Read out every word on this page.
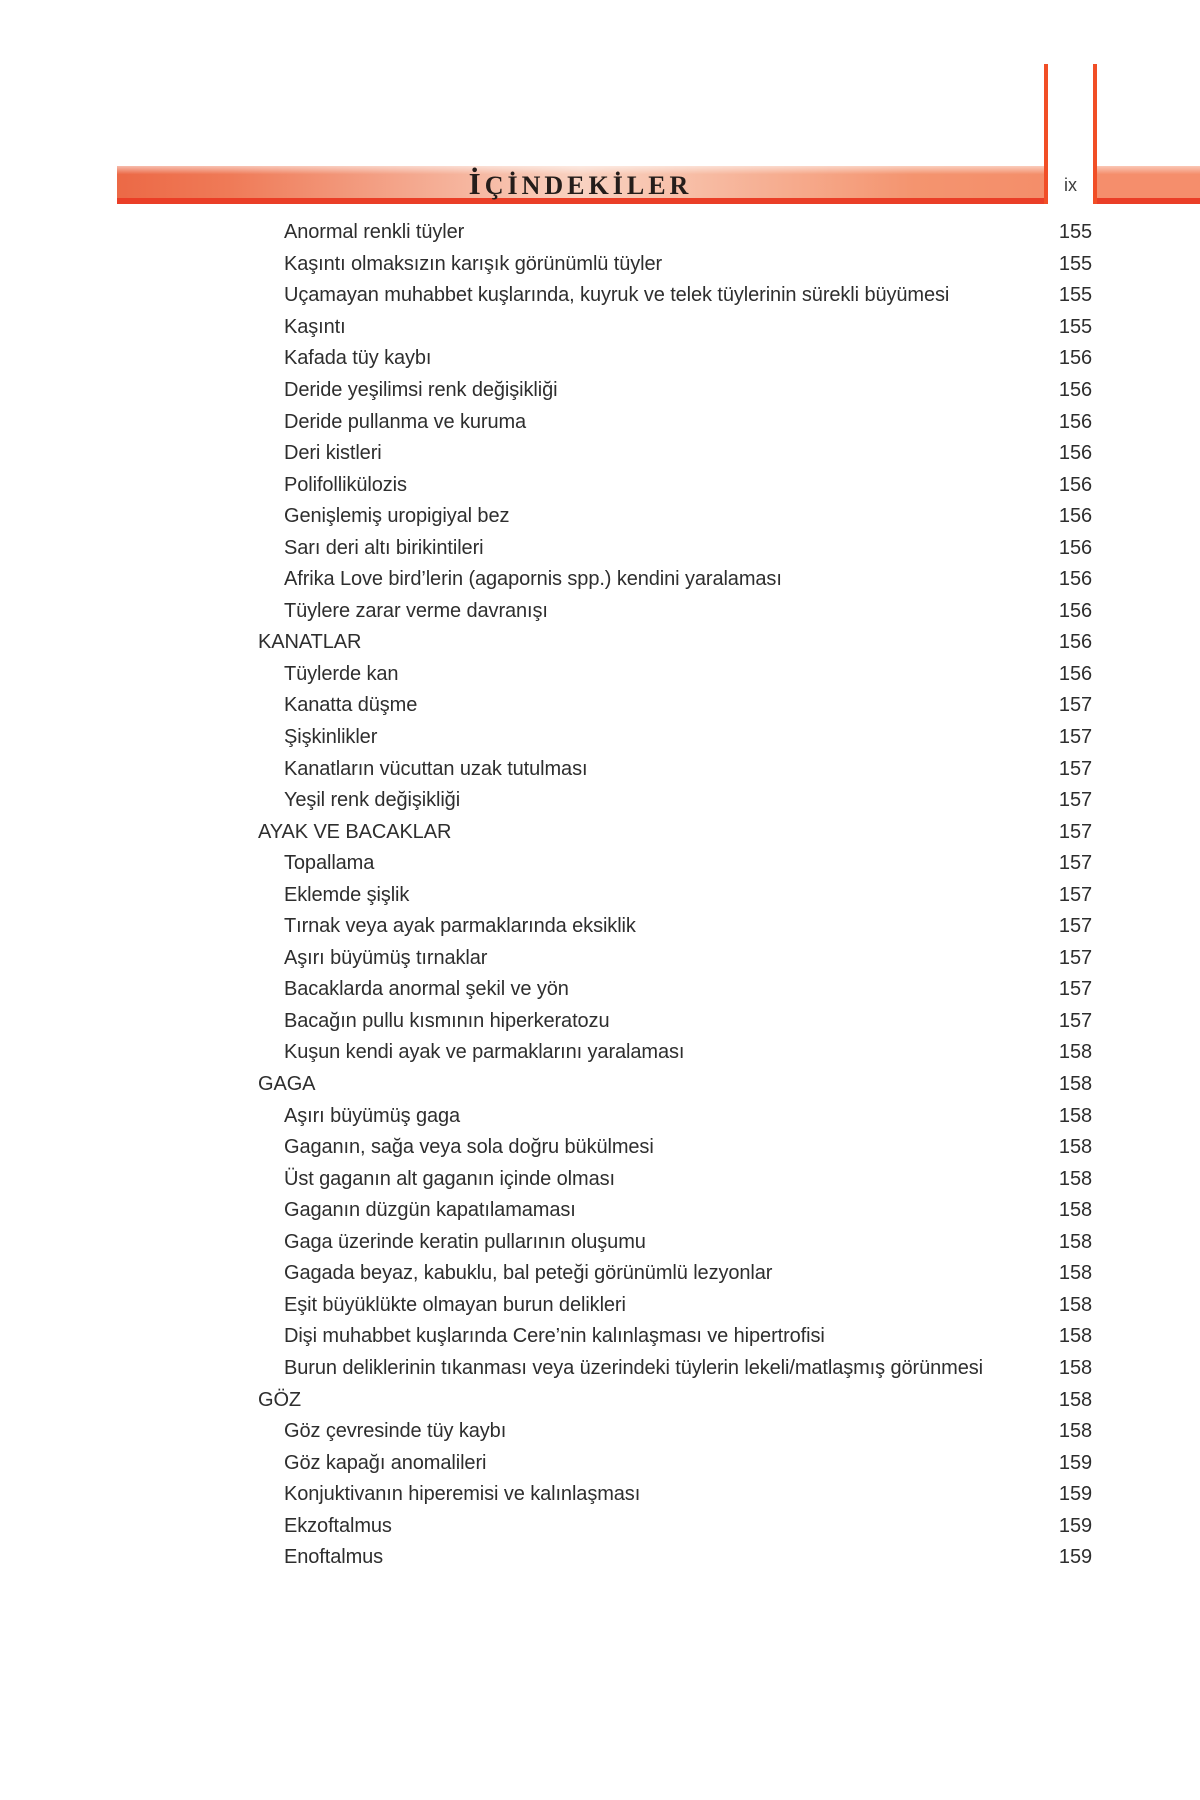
İÇİNDEKİLER	ix
Anormal renkli tüyler	155
Kaşıntı olmaksızın karışık görünümlü tüyler	155
Uçamayan muhabbet kuşlarında, kuyruk ve telek tüylerinin sürekli büyümesi	155
Kaşıntı	155
Kafada tüy kaybı	156
Deride yeşilimsi renk değişikliği	156
Deride pullanma ve kuruma	156
Deri kistleri	156
Polifollikülozis	156
Genişlemiş uropigiyal bez	156
Sarı deri altı birikintileri	156
Afrika Love bird’lerin (agapornis spp.) kendini yaralaması	156
Tüylere zarar verme davranışı	156
KANATLAR	156
Tüylerde kan	156
Kanatta düşme	157
Şişkinlikler	157
Kanatların vücuttan uzak tutulması	157
Yeşil renk değişikliği	157
AYAK VE BACAKLAR	157
Topallama	157
Eklemde şişlik	157
Tırnak veya ayak parmaklarında eksiklik	157
Aşırı büyümüş tırnaklar	157
Bacaklarda anormal şekil ve yön	157
Bacağın pullu kısmının hiperkeratozu	157
Kuşun kendi ayak ve parmaklarını yaralaması	158
GAGA	158
Aşırı büyümüş gaga	158
Gaganın, sağa veya sola doğru bükülmesi	158
Üst gaganın alt gaganın içinde olması	158
Gaganın düzgün kapatılamaması	158
Gaga üzerinde keratin pullarının oluşumu	158
Gagada beyaz, kabuklu, bal peteği görünümlü lezyonlar	158
Eşit büyüklükte olmayan burun delikleri	158
Dişi muhabbet kuşlarında Cere’nin kalınlaşması ve hipertrofisi	158
Burun deliklerinin tıkanması veya üzerindeki tüylerin lekeli/matlaşmış görünmesi	158
GÖZ	158
Göz çevresinde tüy kaybı	158
Göz kapağı anomalileri	159
Konjuktivanın hiperemisi ve kalınlaşması	159
Ekzoftalmus	159
Enoftalmus	159
